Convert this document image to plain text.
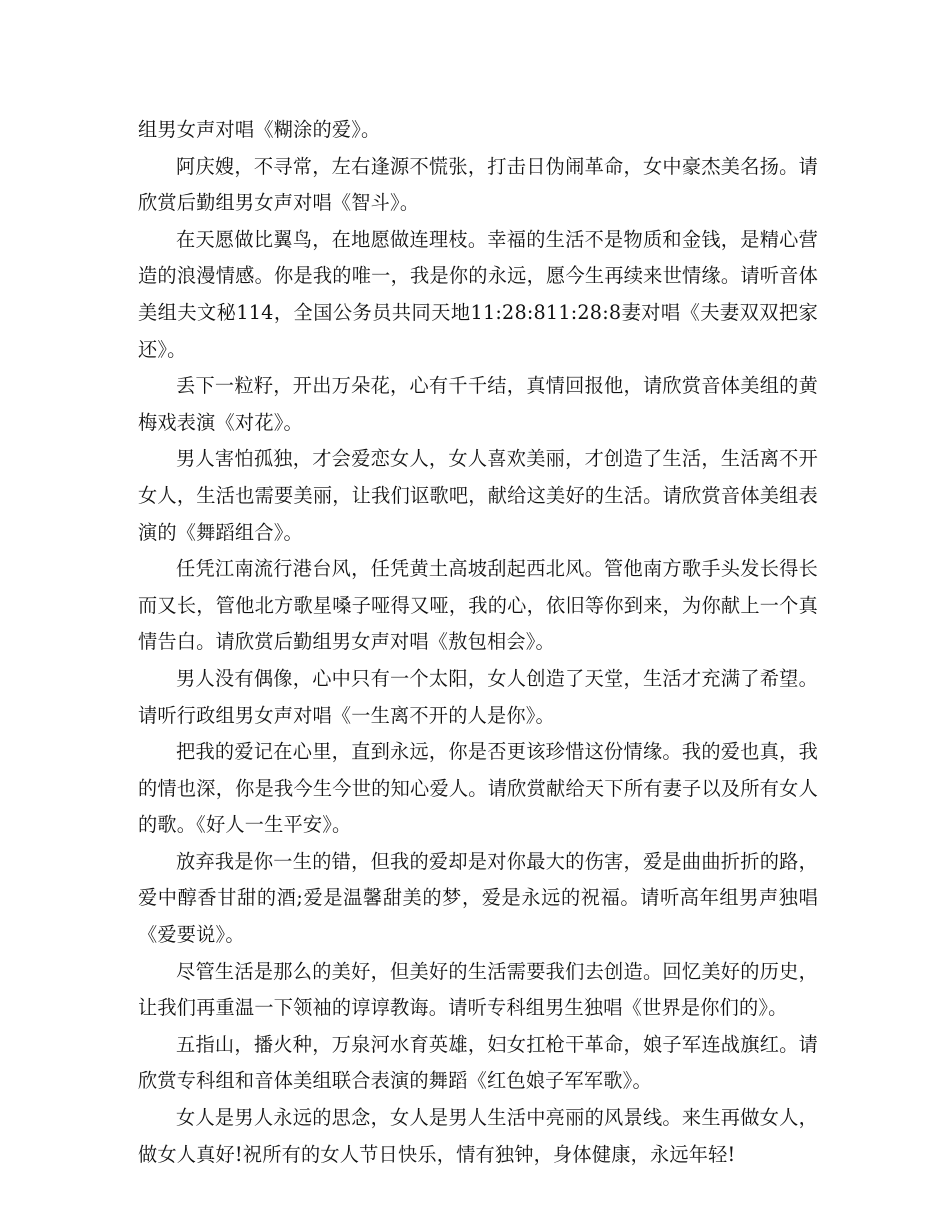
组男女声对唱《糊涂的爱》。

阿庆嫂，不寻常，左右逢源不慌张，打击日伪闹革命，女中豪杰美名扬。请欣赏后勤组男女声对唱《智斗》。

在天愿做比翼鸟，在地愿做连理枝。幸福的生活不是物质和金钱，是精心营造的浪漫情感。你是我的唯一，我是你的永远，愿今生再续来世情缘。请听音体美组夫文秘114，全国公务员共同天地11:28:811:28:8妻对唱《夫妻双双把家还》。

丢下一粒籽，开出万朵花，心有千千结，真情回报他，请欣赏音体美组的黄梅戏表演《对花》。

男人害怕孤独，才会爱恋女人，女人喜欢美丽，才创造了生活，生活离不开女人，生活也需要美丽，让我们讴歌吧，献给这美好的生活。请欣赏音体美组表演的《舞蹈组合》。

任凭江南流行港台风，任凭黄土高坡刮起西北风。管他南方歌手头发长得长而又长，管他北方歌星嗓子哑得又哑，我的心，依旧等你到来，为你献上一个真情告白。请欣赏后勤组男女声对唱《敖包相会》。

男人没有偶像，心中只有一个太阳，女人创造了天堂，生活才充满了希望。请听行政组男女声对唱《一生离不开的人是你》。

把我的爱记在心里，直到永远，你是否更该珍惜这份情缘。我的爱也真，我的情也深，你是我今生今世的知心爱人。请欣赏献给天下所有妻子以及所有女人的歌。《好人一生平安》。

放弃我是你一生的错，但我的爱却是对你最大的伤害，爱是曲曲折折的路，爱中醇香甘甜的酒;爱是温馨甜美的梦，爱是永远的祝福。请听高年组男声独唱《爱要说》。

尽管生活是那么的美好，但美好的生活需要我们去创造。回忆美好的历史，让我们再重温一下领袖的谆谆教诲。请听专科组男生独唱《世界是你们的》。

五指山，播火种，万泉河水育英雄，妇女扛枪干革命，娘子军连战旗红。请欣赏专科组和音体美组联合表演的舞蹈《红色娘子军军歌》。

女人是男人永远的思念，女人是男人生活中亮丽的风景线。来生再做女人，做女人真好!祝所有的女人节日快乐，情有独钟，身体健康，永远年轻!
